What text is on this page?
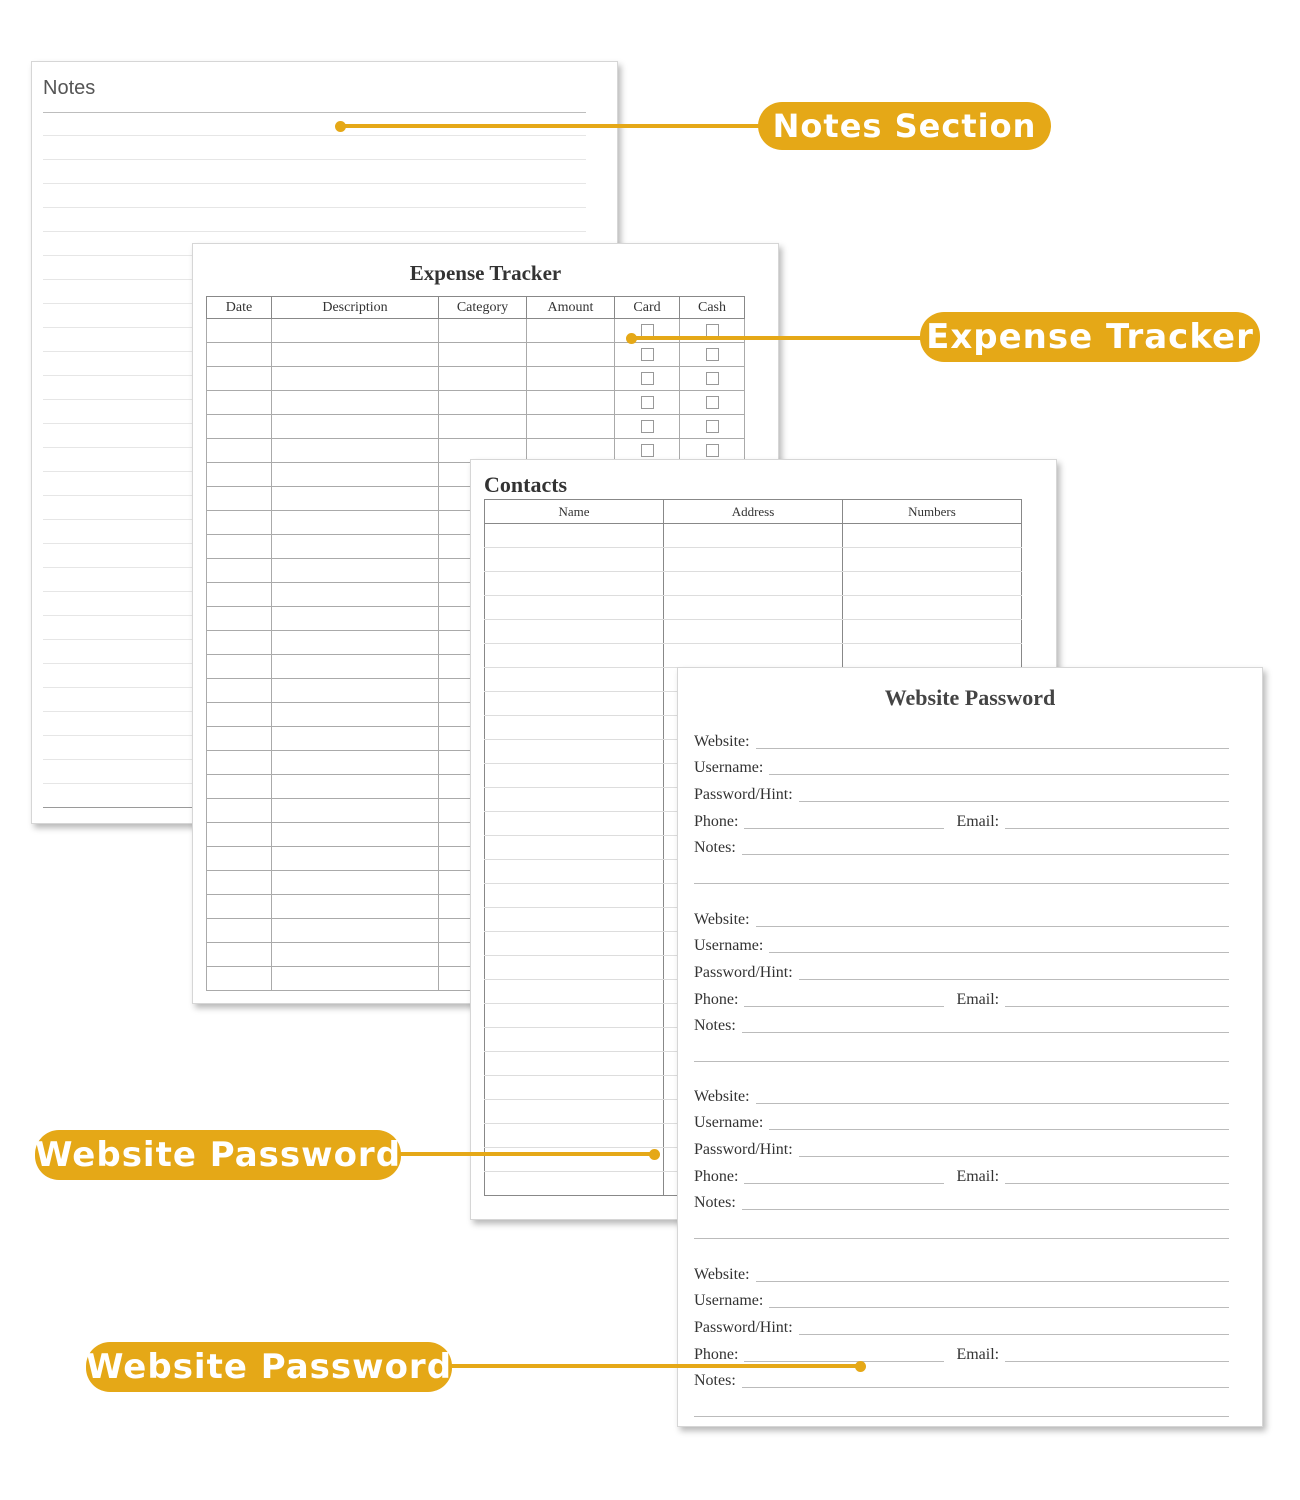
Notes
Expense Tracker
Date	Description	Category	Amount	Card	Cash

Contacts
Name	Address	Numbers

Website Password
Website:
Username:
Password/Hint:
Phone:	Email:
Notes:
Website:
Username:
Password/Hint:
Phone:	Email:
Notes:
Website:
Username:
Password/Hint:
Phone:	Email:
Notes:
Website:
Username:
Password/Hint:
Phone:	Email:
Notes:
Notes Section
Expense Tracker
Website Password
Website Password
